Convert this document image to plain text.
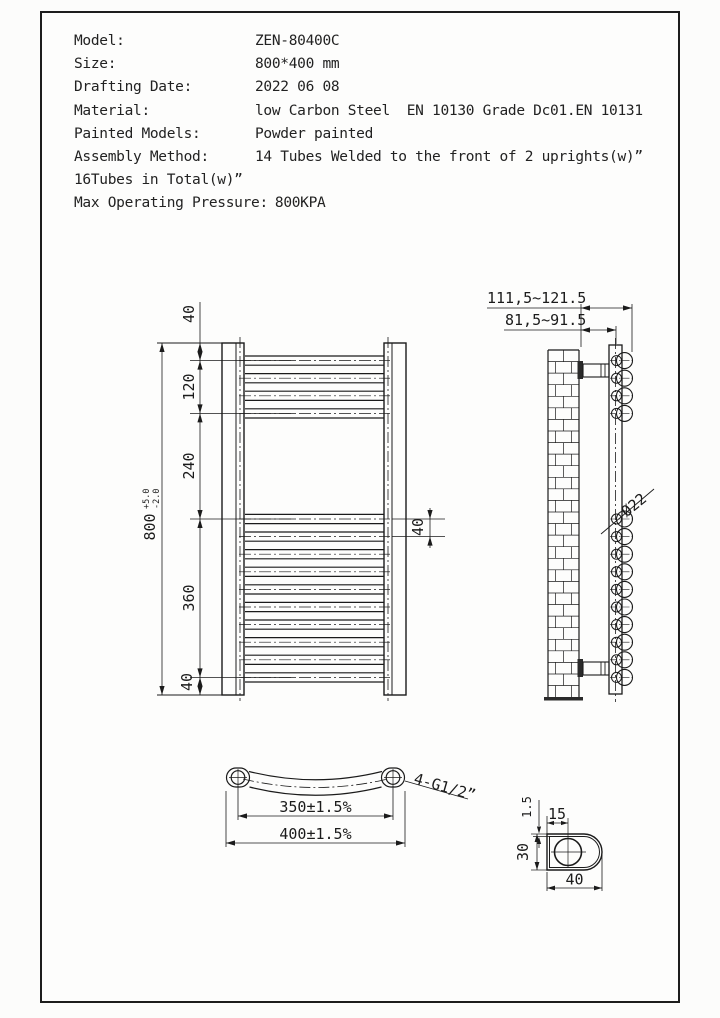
Model:	ZEN-80400C
Size:	800*400 mm
Drafting Date:	2022 06 08
Material:	low Carbon Steel  EN 10130 Grade Dc01.EN 10131
Painted Models:	Powder painted
Assembly Method:	14 Tubes Welded to the front of 2 uprights(w)”
16Tubes in Total(w)”
Max Operating Pressure: 800KPA
800
+5.0 -2.0
40
120
240
360
40
40
111,5~121.5
81,5~91.5
Ø22
350±1.5%
400±1.5%
4-G1/2”
15
1.5
30
40
